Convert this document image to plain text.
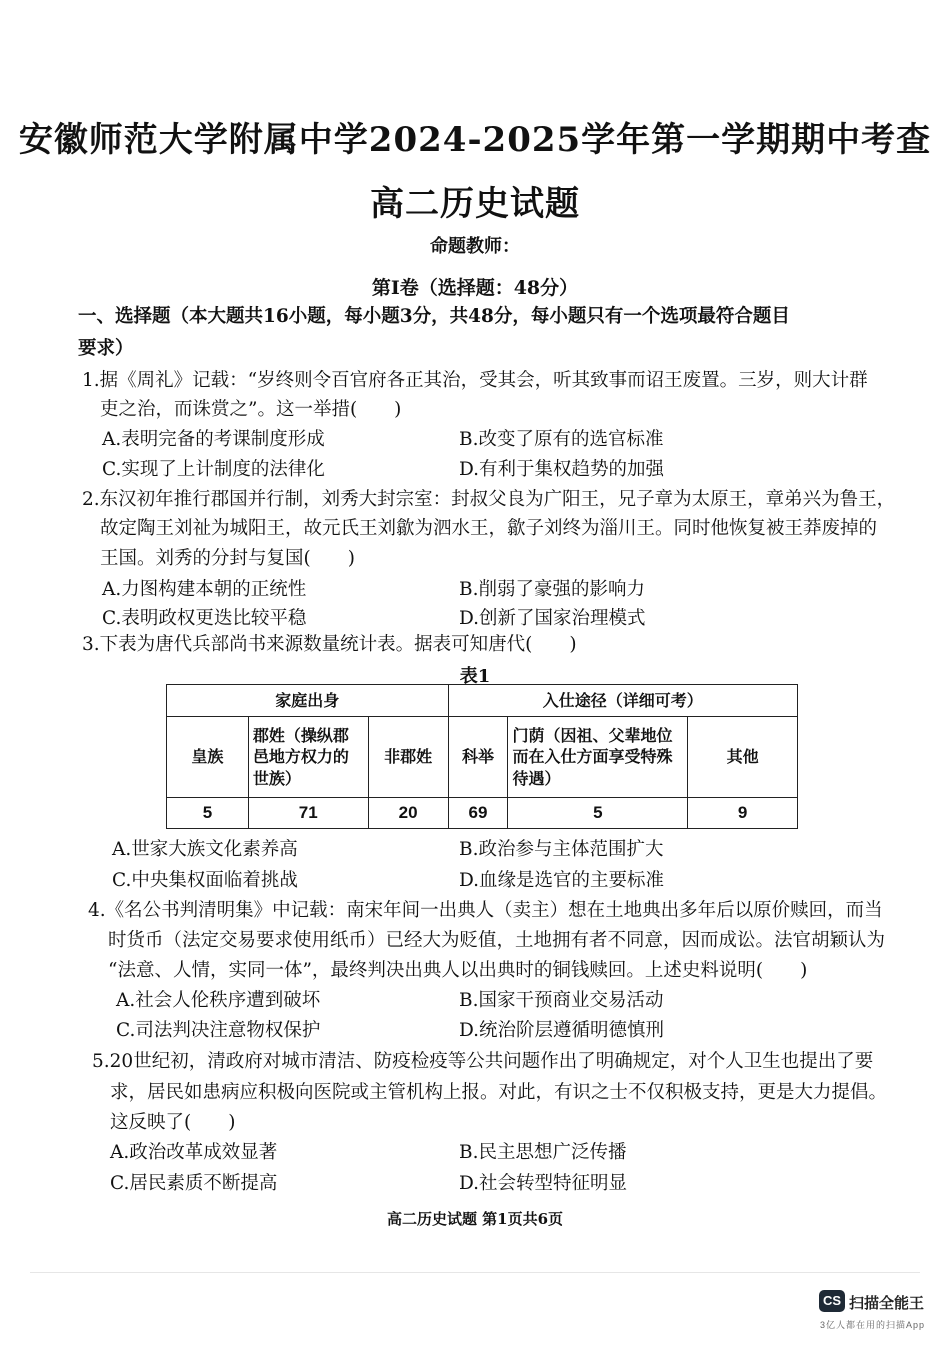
安徽师范大学附属中学2024-2025学年第一学期期中考查
高二历史试题
命题教师：
第Ⅰ卷（选择题：48分）
一、选择题（本大题共16小题，每小题3分，共48分，每小题只有一个选项最符合题目
要求）
1.据《周礼》记载：“岁终则令百官府各正其治，受其会，听其致事而诏王废置。三岁，则大计群
吏之治，而诛赏之”。这一举措(　　)
A.表明完备的考课制度形成	B.改变了原有的选官标准
C.实现了上计制度的法律化	D.有利于集权趋势的加强
2.东汉初年推行郡国并行制，刘秀大封宗室：封叔父良为广阳王，兄子章为太原王，章弟兴为鲁王，
故定陶王刘祉为城阳王，故元氏王刘歙为泗水王，歙子刘终为淄川王。同时他恢复被王莽废掉的
王国。刘秀的分封与复国(　　)
A.力图构建本朝的正统性	B.削弱了豪强的影响力
C.表明政权更迭比较平稳	D.创新了国家治理模式
3.下表为唐代兵部尚书来源数量统计表。据表可知唐代(　　)
表1
家庭出身			入仕途径（详细可考）		
皇族	郡姓（操纵郡邑地方权力的世族）	非郡姓	科举	门荫（因祖、父辈地位而在入仕方面享受特殊待遇）	其他
5	71	20	69	5	9
A.世家大族文化素养高	B.政治参与主体范围扩大
C.中央集权面临着挑战	D.血缘是选官的主要标准
4.《名公书判清明集》中记载：南宋年间一出典人（卖主）想在土地典出多年后以原价赎回，而当
时货币（法定交易要求使用纸币）已经大为贬值，土地拥有者不同意，因而成讼。法官胡颖认为
“法意、人情，实同一体”，最终判决出典人以出典时的铜钱赎回。上述史料说明(　　)
A.社会人伦秩序遭到破坏	B.国家干预商业交易活动
C.司法判决注意物权保护	D.统治阶层遵循明德慎刑
5.20世纪初，清政府对城市清洁、防疫检疫等公共问题作出了明确规定，对个人卫生也提出了要
求，居民如患病应积极向医院或主管机构上报。对此，有识之士不仅积极支持，更是大力提倡。
这反映了(　　)
A.政治改革成效显著	B.民主思想广泛传播
C.居民素质不断提高	D.社会转型特征明显
高二历史试题 第1页共6页
CS 扫描全能王
3亿人都在用的扫描App
